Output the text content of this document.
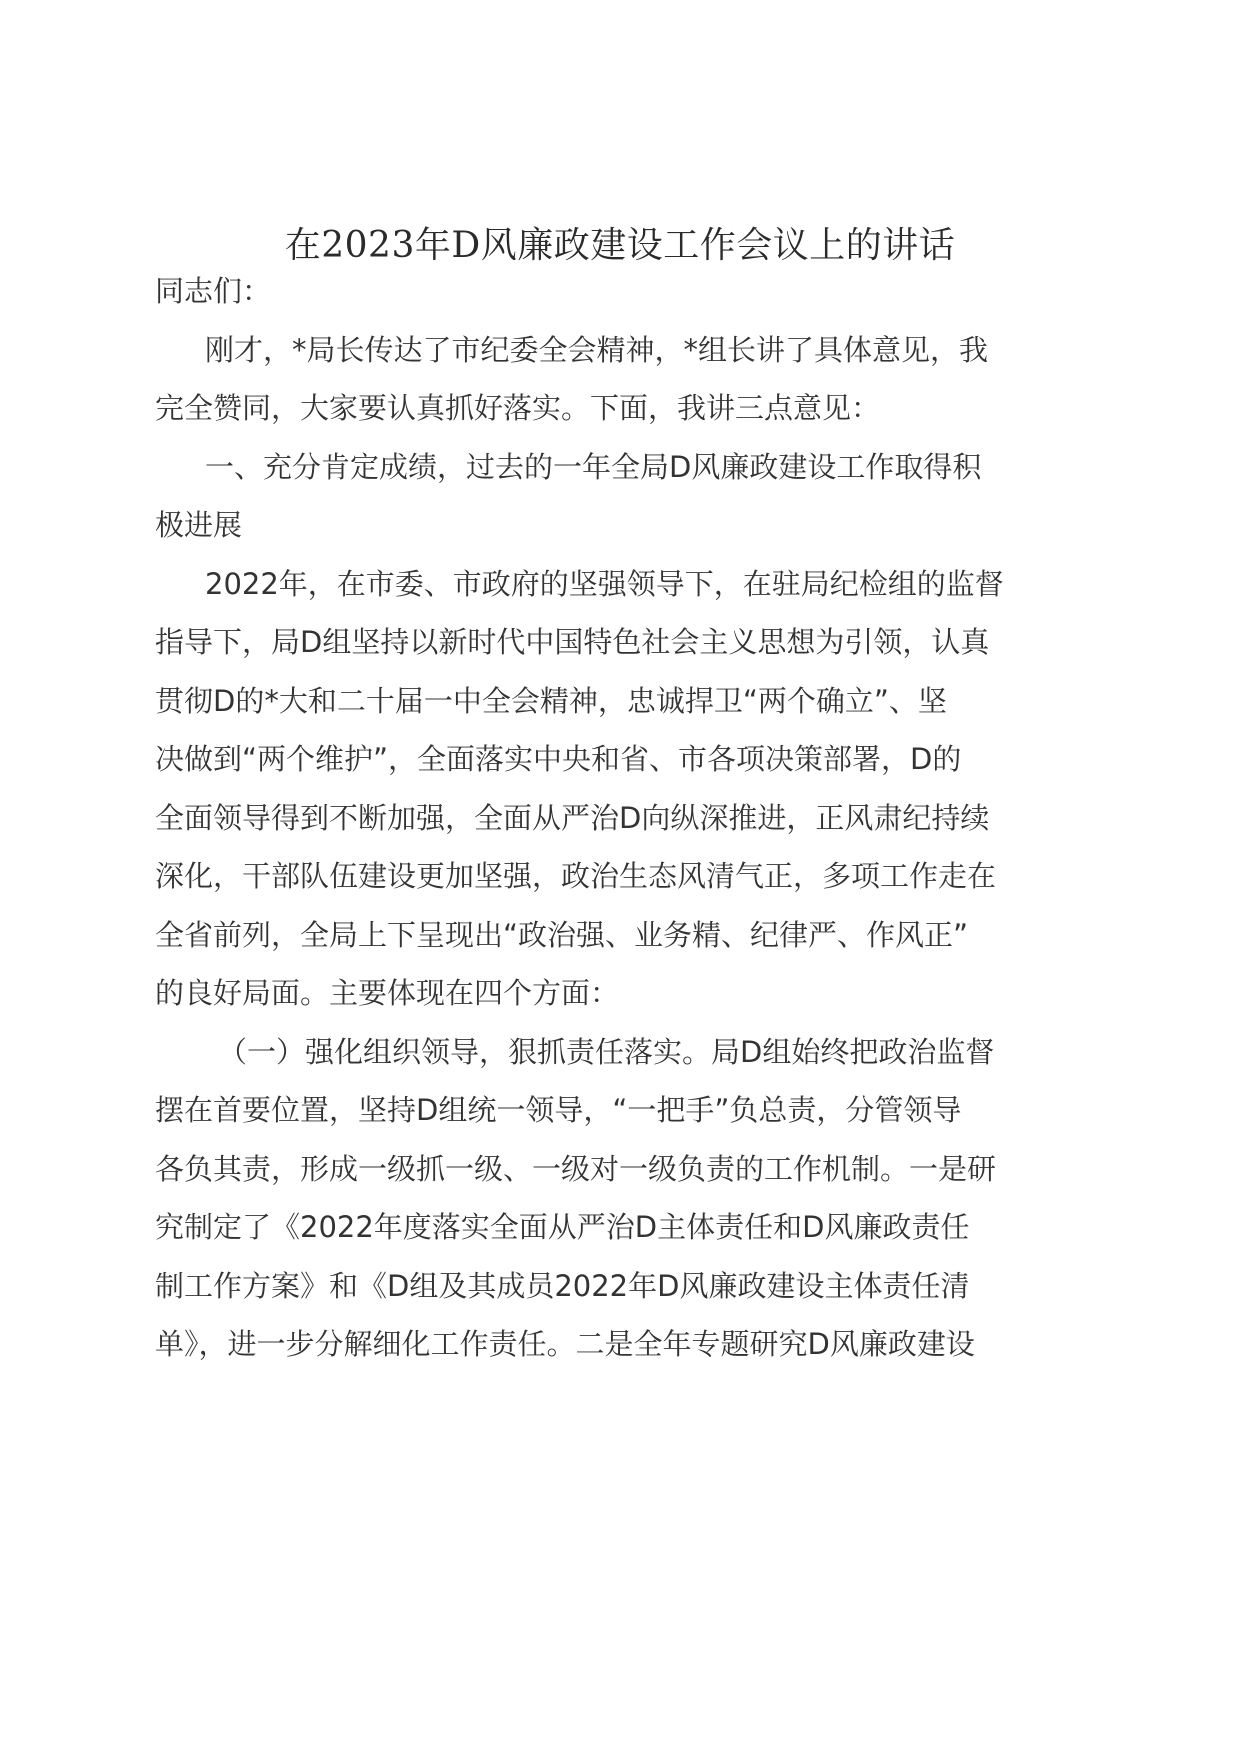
在2023年D风廉政建设工作会议上的讲话

同志们：

刚才，*局长传达了市纪委全会精神，*组长讲了具体意见，我

完全赞同，大家要认真抓好落实。下面，我讲三点意见：

一、充分肯定成绩，过去的一年全局D风廉政建设工作取得积

极进展

2022年，在市委、市政府的坚强领导下，在驻局纪检组的监督

指导下，局D组坚持以新时代中国特色社会主义思想为引领，认真

贯彻D的*大和二十届一中全会精神，忠诚捍卫“两个确立”、坚

决做到“两个维护”，全面落实中央和省、市各项决策部署，D的

全面领导得到不断加强，全面从严治D向纵深推进，正风肃纪持续

深化，干部队伍建设更加坚强，政治生态风清气正，多项工作走在

全省前列，全局上下呈现出“政治强、业务精、纪律严、作风正”

的良好局面。主要体现在四个方面：

（一）强化组织领导，狠抓责任落实。局D组始终把政治监督

摆在首要位置，坚持D组统一领导，“一把手”负总责，分管领导

各负其责，形成一级抓一级、一级对一级负责的工作机制。一是研

究制定了《2022年度落实全面从严治D主体责任和D风廉政责任

制工作方案》和《D组及其成员2022年D风廉政建设主体责任清

单》，进一步分解细化工作责任。二是全年专题研究D风廉政建设
